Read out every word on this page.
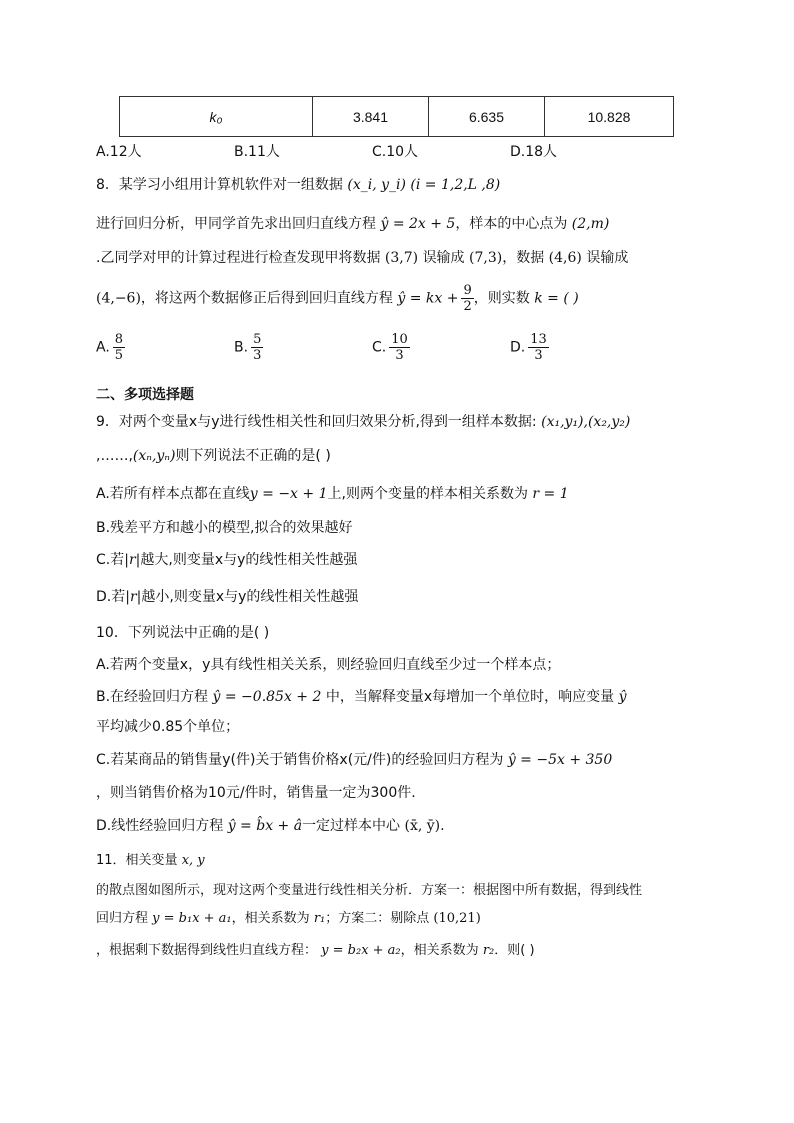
k₀	3.841	6.635	10.828
A.12人	B.11人	C.10人	D.18人
8．某学习小组用计算机软件对一组数据 (x_i, y_i) (i = 1,2,L ,8)
进行回归分析，甲同学首先求出回归直线方程 ŷ = 2x + 5，样本的中心点为 (2,m)
.乙同学对甲的计算过程进行检查发现甲将数据 (3,7) 误输成 (7,3)，数据 (4,6) 误输成
(4,−6)，将这两个数据修正后得到回归直线方程 ŷ = kx + $\frac{9}{2}$ ，则实数 k = ( )
A. $\frac{8}{5}$	B. $\frac{5}{3}$	C. $\frac{10}{3}$	D. $\frac{13}{3}$
二、多项选择题
9．对两个变量x与y进行线性相关性和回归效果分析,得到一组样本数据: (x₁,y₁),(x₂,y₂)
,……,(xₙ,yₙ)则下列说法不正确的是( )
A.若所有样本点都在直线y = −x + 1上,则两个变量的样本相关系数为 r = 1
B.残差平方和越小的模型,拟合的效果越好
C.若|r|越大,则变量x与y的线性相关性越强
D.若|r|越小,则变量x与y的线性相关性越强
10．下列说法中正确的是( )
A.若两个变量x，y具有线性相关关系，则经验回归直线至少过一个样本点；
B.在经验回归方程 ŷ = −0.85x + 2 中，当解释变量x每增加一个单位时，响应变量 ŷ
平均减少0.85个单位；
C.若某商品的销售量y(件)关于销售价格x(元/件)的经验回归方程为 ŷ = −5x + 350
，则当销售价格为10元/件时，销售量一定为300件.
D.线性经验回归方程 ŷ = b̂x + â一定过样本中心 (x̄, ȳ).
11．相关变量 x, y
的散点图如图所示，现对这两个变量进行线性相关分析．方案一：根据图中所有数据，得到线性
回归方程 y = b₁x + a₁，相关系数为 r₁；方案二：剔除点 (10,21)
，根据剩下数据得到线性归直线方程： y = b₂x + a₂，相关系数为 r₂．则( )
